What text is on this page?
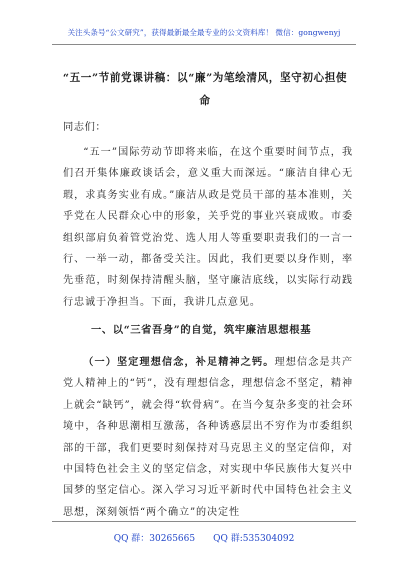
关注头条号“公文研究”，获得最新最全最专业的公文资料库！ 微信：gongwenyj
“五一”节前党课讲稿：以“廉”为笔绘清风，坚守初心担使命
同志们：

“五一”国际劳动节即将来临，在这个重要时间节点，我们召开集体廉政谈话会，意义重大而深远。“廉洁自律心无瑕，求真务实业有成。”廉洁从政是党员干部的基本准则，关乎党在人民群众心中的形象，关乎党的事业兴衰成败。市委组织部肩负着管党治党、选人用人等重要职责我们的一言一行、一举一动，都备受关注。因此，我们更要以身作则，率先垂范，时刻保持清醒头脑，坚守廉洁底线，以实际行动践行忠诚于净担当。下面，我讲几点意见。

一、以“三省吾身”的自觉，筑牢廉洁思想根基

（一）坚定理想信念，补足精神之钙。理想信念是共产党人精神上的“钙”，没有理想信念，理想信念不坚定，精神上就会“缺钙”，就会得“软骨病”。在当今复杂多变的社会环境中，各种思潮相互激荡，各种诱惑层出不穷作为市委组织部的干部，我们更要时刻保持对马克思主义的坚定信仰，对中国特色社会主义的坚定信念，对实现中华民族伟大复兴中国梦的坚定信心。深入学习习近平新时代中国特色社会主义思想，深刻领悟“两个确立”的决定性

QQ 群：30265665 QQ 群:535304092
